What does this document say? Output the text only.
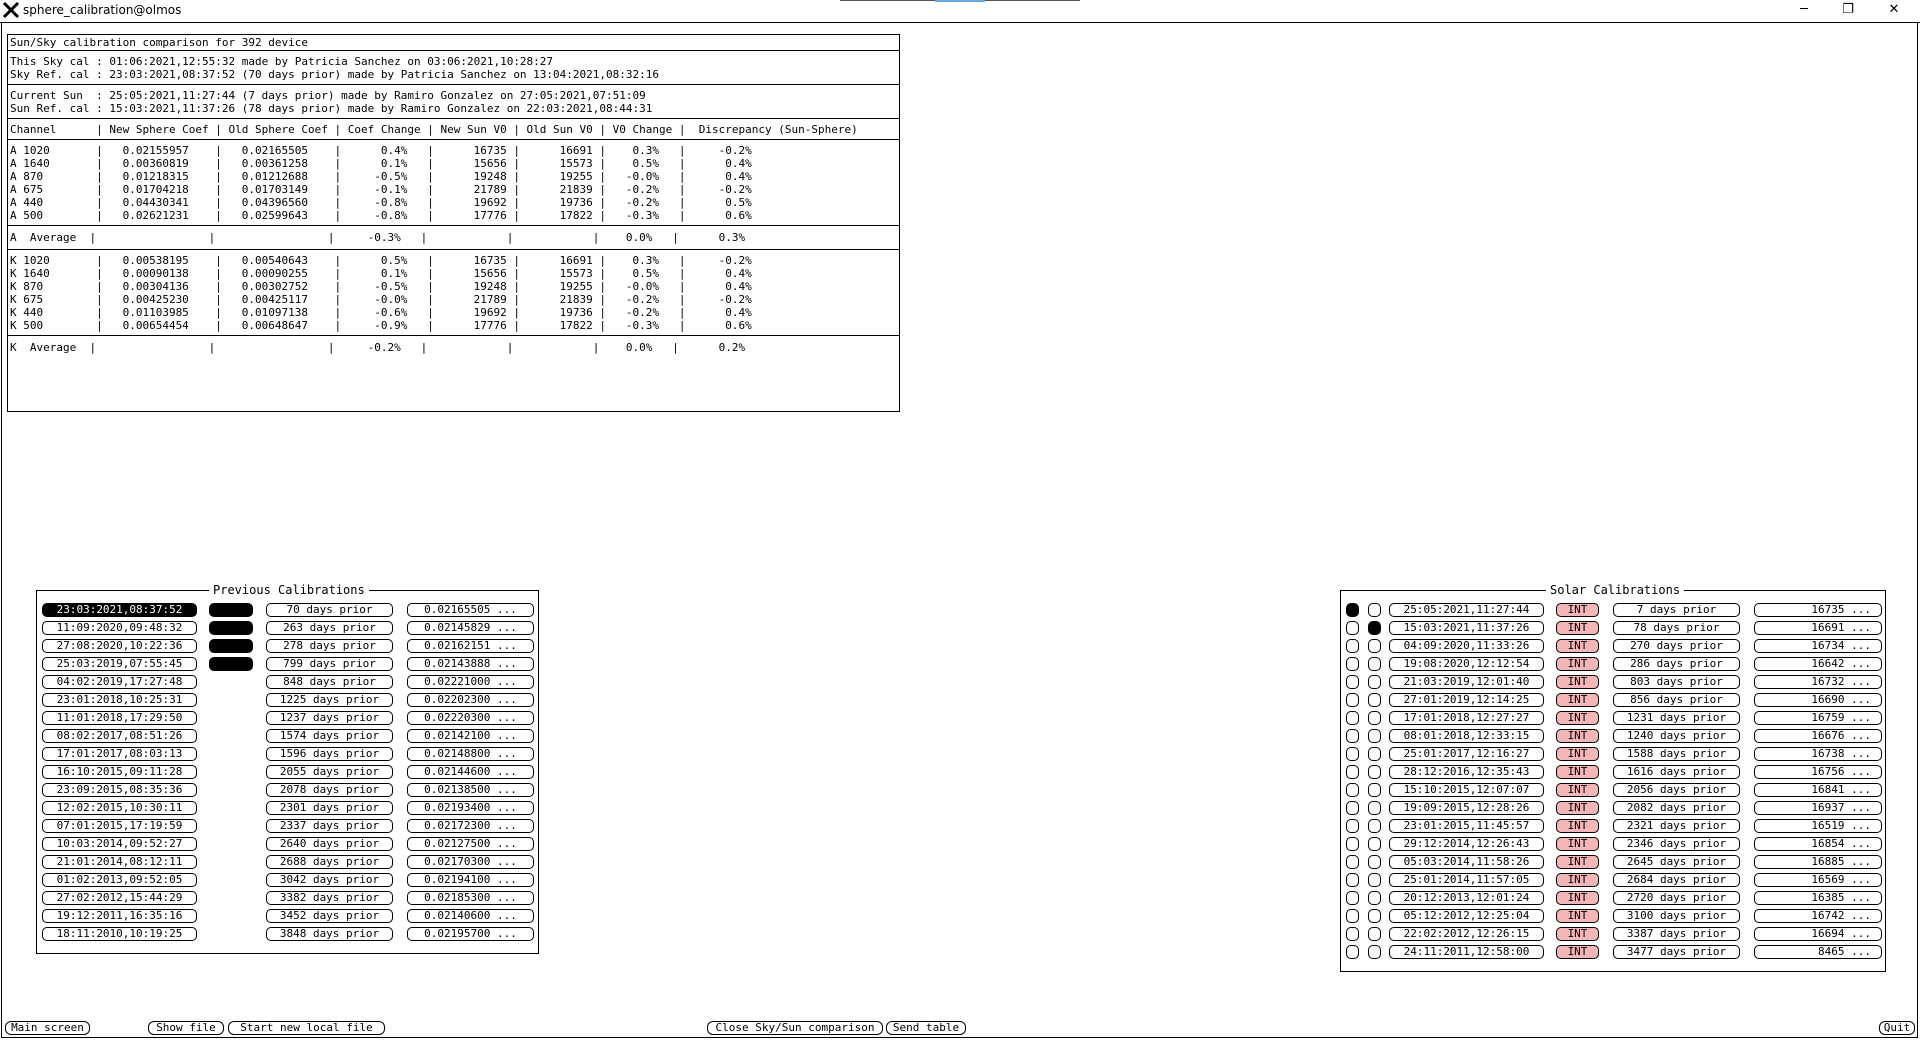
sphere_calibration@olmos	─	❐	✕
Sun/Sky calibration comparison for 392 device
This Sky cal : 01:06:2021,12:55:32 made by Patricia Sanchez on 03:06:2021,10:28:27
Sky Ref. cal : 23:03:2021,08:37:52 (70 days prior) made by Patricia Sanchez on 13:04:2021,08:32:16
Current Sun  : 25:05:2021,11:27:44 (7 days prior) made by Ramiro Gonzalez on 27:05:2021,07:51:09
Sun Ref. cal : 15:03:2021,11:37:26 (78 days prior) made by Ramiro Gonzalez on 22:03:2021,08:44:31
Channel      | New Sphere Coef | Old Sphere Coef | Coef Change | New Sun V0 | Old Sun V0 | V0 Change |  Discrepancy (Sun-Sphere)
A 1020       |   0.02155957    |   0.02165505    |      0.4%   |      16735 |      16691 |    0.3%   |     -0.2%
A 1640       |   0.00360819    |   0.00361258    |      0.1%   |      15656 |      15573 |    0.5%   |      0.4%
A 870        |   0.01218315    |   0.01212688    |     -0.5%   |      19248 |      19255 |   -0.0%   |      0.4%
A 675        |   0.01704218    |   0.01703149    |     -0.1%   |      21789 |      21839 |   -0.2%   |     -0.2%
A 440        |   0.04430341    |   0.04396560    |     -0.8%   |      19692 |      19736 |   -0.2%   |      0.5%
A 500        |   0.02621231    |   0.02599643    |     -0.8%   |      17776 |      17822 |   -0.3%   |      0.6%
A  Average  |                 |                 |     -0.3%   |            |            |    0.0%   |      0.3%
K 1020       |   0.00538195    |   0.00540643    |      0.5%   |      16735 |      16691 |    0.3%   |     -0.2%
K 1640       |   0.00090138    |   0.00090255    |      0.1%   |      15656 |      15573 |    0.5%   |      0.4%
K 870        |   0.00304136    |   0.00302752    |     -0.5%   |      19248 |      19255 |   -0.0%   |      0.4%
K 675        |   0.00425230    |   0.00425117    |     -0.0%   |      21789 |      21839 |   -0.2%   |     -0.2%
K 440        |   0.01103985    |   0.01097138    |     -0.6%   |      19692 |      19736 |   -0.2%   |      0.4%
K 500        |   0.00654454    |   0.00648647    |     -0.9%   |      17776 |      17822 |   -0.3%   |      0.6%
K  Average  |                 |                 |     -0.2%   |            |            |    0.0%   |      0.2%
Previous Calibrations
23:03:2021,08:37:52	70 days prior	0.02165505 ...
11:09:2020,09:48:32	263 days prior	0.02145829 ...
27:08:2020,10:22:36	278 days prior	0.02162151 ...
25:03:2019,07:55:45	799 days prior	0.02143888 ...
04:02:2019,17:27:48	848 days prior	0.02221000 ...
23:01:2018,10:25:31	1225 days prior	0.02202300 ...
11:01:2018,17:29:50	1237 days prior	0.02220300 ...
08:02:2017,08:51:26	1574 days prior	0.02142100 ...
17:01:2017,08:03:13	1596 days prior	0.02148800 ...
16:10:2015,09:11:28	2055 days prior	0.02144600 ...
23:09:2015,08:35:36	2078 days prior	0.02138500 ...
12:02:2015,10:30:11	2301 days prior	0.02193400 ...
07:01:2015,17:19:59	2337 days prior	0.02172300 ...
10:03:2014,09:52:27	2640 days prior	0.02127500 ...
21:01:2014,08:12:11	2688 days prior	0.02170300 ...
01:02:2013,09:52:05	3042 days prior	0.02194100 ...
27:02:2012,15:44:29	3382 days prior	0.02185300 ...
19:12:2011,16:35:16	3452 days prior	0.02140600 ...
18:11:2010,10:19:25	3848 days prior	0.02195700 ...
Solar Calibrations
25:05:2021,11:27:44	INT	7 days prior	16735 ...
15:03:2021,11:37:26	INT	78 days prior	16691 ...
04:09:2020,11:33:26	INT	270 days prior	16734 ...
19:08:2020,12:12:54	INT	286 days prior	16642 ...
21:03:2019,12:01:40	INT	803 days prior	16732 ...
27:01:2019,12:14:25	INT	856 days prior	16690 ...
17:01:2018,12:27:27	INT	1231 days prior	16759 ...
08:01:2018,12:33:15	INT	1240 days prior	16676 ...
25:01:2017,12:16:27	INT	1588 days prior	16738 ...
28:12:2016,12:35:43	INT	1616 days prior	16756 ...
15:10:2015,12:07:07	INT	2056 days prior	16841 ...
19:09:2015,12:28:26	INT	2082 days prior	16937 ...
23:01:2015,11:45:57	INT	2321 days prior	16519 ...
29:12:2014,12:26:43	INT	2346 days prior	16854 ...
05:03:2014,11:58:26	INT	2645 days prior	16885 ...
25:01:2014,11:57:05	INT	2684 days prior	16569 ...
20:12:2013,12:01:24	INT	2720 days prior	16385 ...
05:12:2012,12:25:04	INT	3100 days prior	16742 ...
22:02:2012,12:26:15	INT	3387 days prior	16694 ...
24:11:2011,12:58:00	INT	3477 days prior	8465 ...
Main screen	Show file	Start new local file	Close Sky/Sun comparison	Send table	Quit
